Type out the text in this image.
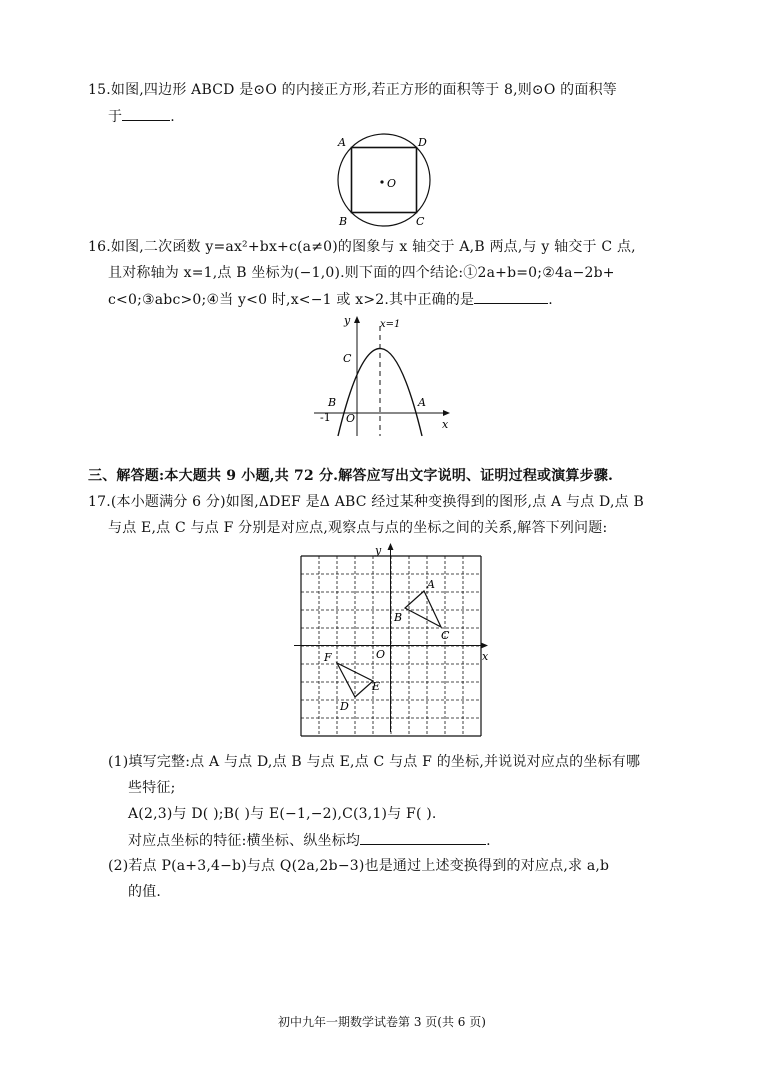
15.如图,四边形 ABCD 是⊙O 的内接正方形,若正方形的面积等于 8,则⊙O 的面积等
于	.
O
A	D
B	C
16.如图,二次函数 y=ax²+bx+c(a≠0)的图象与 x 轴交于 A,B 两点,与 y 轴交于 C 点,
且对称轴为 x=1,点 B 坐标为(−1,0).则下面的四个结论:①2a+b=0;②4a−2b+
c<0;③abc>0;④当 y<0 时,x<−1 或 x>2.其中正确的是	.
y
x
x=1
C
B	A
-1 O
三、解答题:本大题共 9 小题,共 72 分.解答应写出文字说明、证明过程或演算步骤.
17.(本小题满分 6 分)如图,ΔDEF 是Δ ABC 经过某种变换得到的图形,点 A 与点 D,点 B
与点 E,点 C 与点 F 分别是对应点,观察点与点的坐标之间的关系,解答下列问题:
y
x
O
A
B
C
D
E
F
(1)填写完整:点 A 与点 D,点 B 与点 E,点 C 与点 F 的坐标,并说说对应点的坐标有哪
些特征;
A(2,3)与 D( );B( )与 E(−1,−2),C(3,1)与 F( ).
对应点坐标的特征:横坐标、纵坐标均	.
(2)若点 P(a+3,4−b)与点 Q(2a,2b−3)也是通过上述变换得到的对应点,求 a,b
的值.
初中九年一期数学试卷第 3 页(共 6 页)
